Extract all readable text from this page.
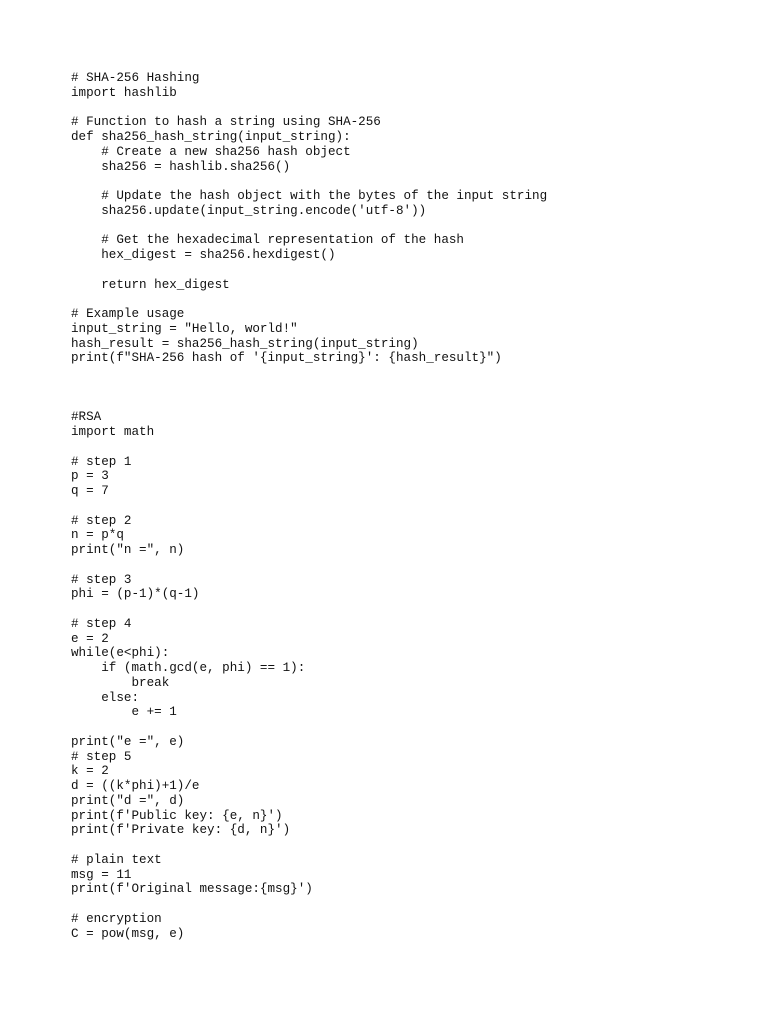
# SHA-256 Hashing
import hashlib
# Function to hash a string using SHA-256
def sha256_hash_string(input_string):
# Create a new sha256 hash object
sha256 = hashlib.sha256()
# Update the hash object with the bytes of the input string
sha256.update(input_string.encode('utf-8'))
# Get the hexadecimal representation of the hash
hex_digest = sha256.hexdigest()
return hex_digest
# Example usage
input_string = "Hello, world!"
hash_result = sha256_hash_string(input_string)
print(f"SHA-256 hash of '{input_string}': {hash_result}")
#RSA
import math
# step 1
p = 3
q = 7
# step 2
n = p*q
print("n =", n)
# step 3
phi = (p-1)*(q-1)
# step 4
e = 2
while(e<phi):
if (math.gcd(e, phi) == 1):
break
else:
e += 1
print("e =", e)
# step 5
k = 2
d = ((k*phi)+1)/e
print("d =", d)
print(f'Public key: {e, n}')
print(f'Private key: {d, n}')
# plain text
msg = 11
print(f'Original message:{msg}')
# encryption
C = pow(msg, e)
